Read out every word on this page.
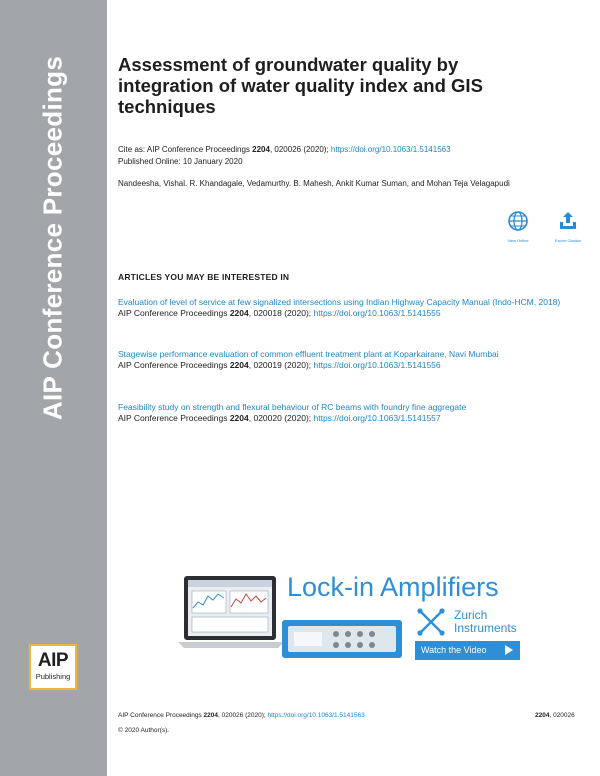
AIP Conference Proceedings
AIP
Publishing
Assessment of groundwater quality by integration of water quality index and GIS techniques
Cite as: AIP Conference Proceedings 2204, 020026 (2020); https://doi.org/10.1063/1.5141563
Published Online: 10 January 2020
Nandeesha, Vishal. R. Khandagale, Vedamurthy. B. Mahesh, Ankit Kumar Suman, and Mohan Teja Velagapudi
View Online	Export Citation
ARTICLES YOU MAY BE INTERESTED IN
Evaluation of level of service at few signalized intersections using Indian Highway Capacity Manual (Indo-HCM, 2018)
AIP Conference Proceedings 2204, 020018 (2020); https://doi.org/10.1063/1.5141555
Stagewise performance evaluation of common effluent treatment plant at Koparkairane, Navi Mumbai
AIP Conference Proceedings 2204, 020019 (2020); https://doi.org/10.1063/1.5141556
Feasibility study on strength and flexural behaviour of RC beams with foundry fine aggregate
AIP Conference Proceedings 2204, 020020 (2020); https://doi.org/10.1063/1.5141557
Lock-in Amplifiers
Zurich
Instruments
Watch the Video
AIP Conference Proceedings 2204, 020026 (2020); https://doi.org/10.1063/1.5141563	2204, 020026
© 2020 Author(s).
